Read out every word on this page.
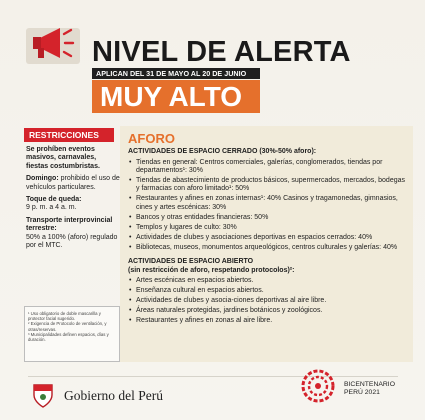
NIVEL DE ALERTA
APLICAN DEL 31 DE MAYO AL 20 DE JUNIO
MUY ALTO
RESTRICCIONES
Se prohíben eventos masivos, carnavales, fiestas costumbristas.
Domingo: prohibido el uso de vehículos particulares.
Toque de queda:
9 p. m. a 4 a. m.
Transporte interprovincial terrestre:
50% a 100% (aforo) regulado por el MTC.
¹ Uso obligatorio de doble mascarilla y protector facial sugerido.
² Exigencia de Protocolo de ventilación, y otras/reservas.
³ Municipalidades definen espacios, días y duración.
AFORO
ACTIVIDADES DE ESPACIO CERRADO (30%-50% aforo):
• Tiendas en general: Centros comerciales, galerías, conglomerados, tiendas por departamentos¹: 30%
• Tiendas de abastecimiento de productos básicos, supermercados, mercados, bodegas y farmacias con aforo limitado¹: 50%
• Restaurantes y afines en zonas internas¹: 40% Casinos y tragamonedas, gimnasios, cines y artes escénicas: 30%
• Bancos y otras entidades financieras: 50%
• Templos y lugares de culto: 30%
• Actividades de clubes y asociaciones deportivas en espacios cerrados: 40%
• Bibliotecas, museos, monumentos arqueológicos, centros culturales y galerías: 40%
ACTIVIDADES DE ESPACIO ABIERTO
(sin restricción de aforo, respetando protocolos)²:
• Artes escénicas en espacios abiertos.
• Enseñanza cultural en espacios abiertos.
• Actividades de clubes y asocia-ciones deportivas al aire libre.
• Áreas naturales protegidas, jardines botánicos y zoológicos.
• Restaurantes y afines en zonas al aire libre.
Gobierno del Perú
BICENTENARIO
PERÚ 2021
